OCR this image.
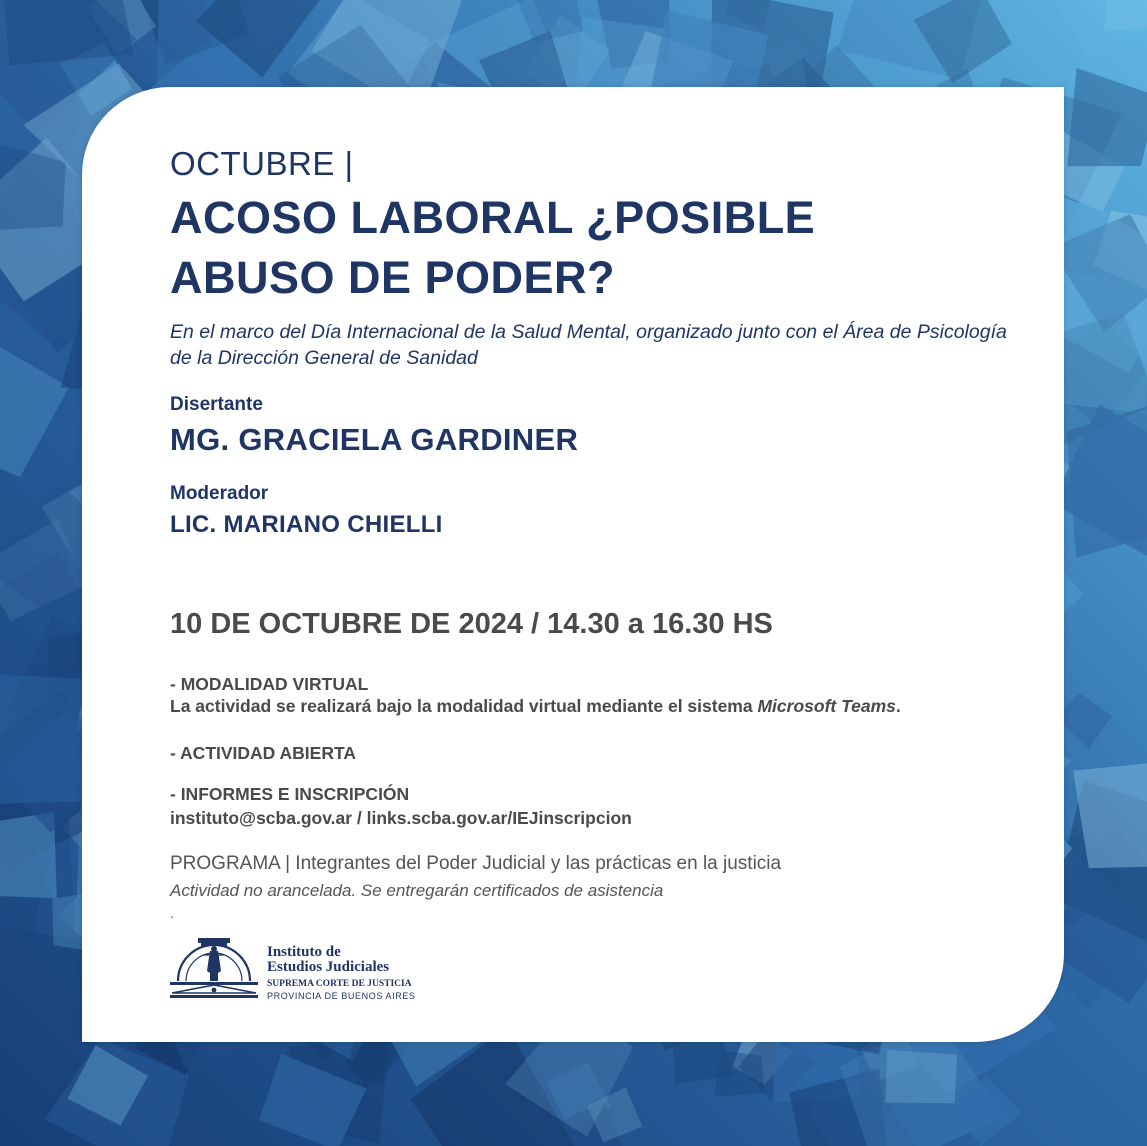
OCTUBRE |
ACOSO LABORAL ¿POSIBLE
ABUSO DE PODER?
En el marco del Día Internacional de la Salud Mental, organizado junto con el Área de Psicología de la Dirección General de Sanidad
Disertante
MG. GRACIELA GARDINER
Moderador
LIC. MARIANO CHIELLI
10 DE OCTUBRE DE 2024 / 14.30 a 16.30 HS
- MODALIDAD VIRTUAL
La actividad se realizará bajo la modalidad virtual mediante el sistema Microsoft Teams.
- ACTIVIDAD ABIERTA
- INFORMES E INSCRIPCIÓN
instituto@scba.gov.ar / links.scba.gov.ar/IEJinscripcion
PROGRAMA | Integrantes del Poder Judicial y las prácticas en la justicia
Actividad no arancelada. Se entregarán certificados de asistencia
.
Instituto de
Estudios Judiciales
SUPREMA CORTE DE JUSTICIA
PROVINCIA DE BUENOS AIRES
